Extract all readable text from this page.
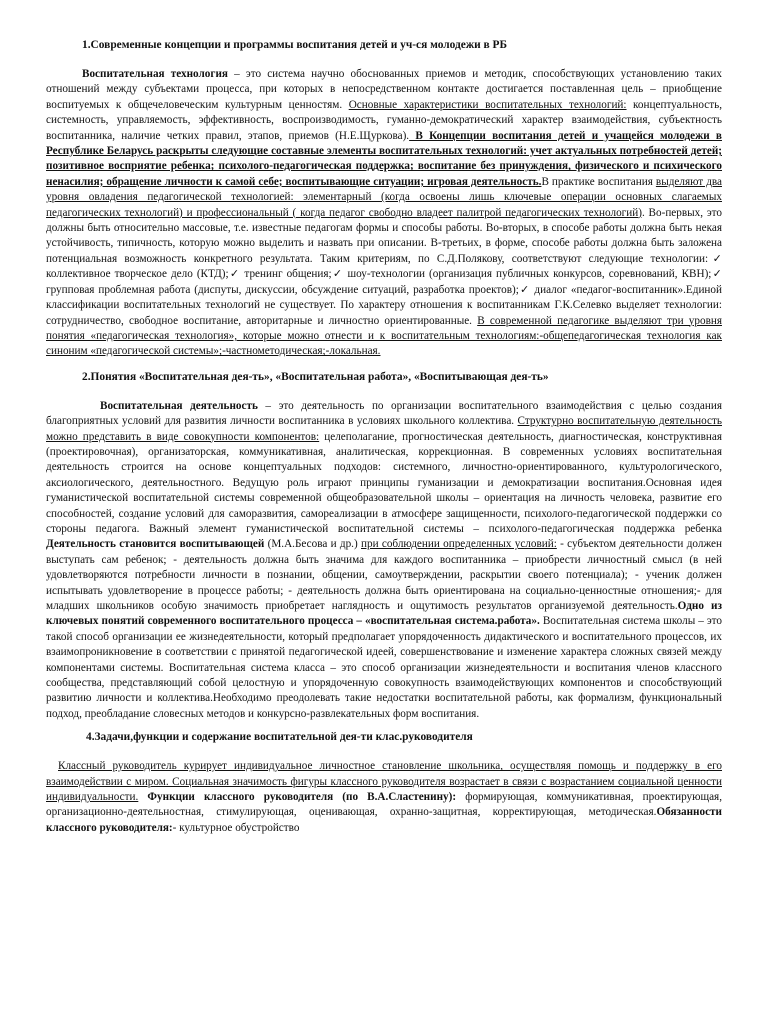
1.Современные концепции и программы воспитания детей и уч-ся молодежи в РБ

Воспитательная технология – это система научно обоснованных приемов и методик, способствующих установлению таких отношений между субъектами процесса, при которых в непосредственном контакте достигается поставленная цель – приобщение воспитуемых к общечеловеческим культурным ценностям. Основные характеристики воспитательных технологий: концептуальность, системность, управляемость, эффективность, воспроизводимость, гуманно-демократический характер взаимодействия, субъектность воспитанника, наличие четких правил, этапов, приемов (Н.Е.Щуркова). В Концепции воспитания детей и учащейся молодежи в Республике Беларусь раскрыты следующие составные элементы воспитательных технологий: учет актуальных потребностей детей; позитивное восприятие ребенка; психолого-педагогическая поддержка; воспитание без принуждения, физического и психического ненасилия; обращение личности к самой себе; воспитывающие ситуации; игровая деятельность.В практике воспитания выделяют два уровня овладения педагогической технологией: элементарный (когда освоены лишь ключевые операции основных слагаемых педагогических технологий) и профессиональный ( когда педагог свободно владеет палитрой педагогических технологий). Во-первых, это должны быть относительно массовые, т.е. известные педагогам формы и способы работы. Во-вторых, в способе работы должна быть некая устойчивость, типичность, которую можно выделить и назвать при описании. В-третьих, в форме, способе работы должна быть заложена потенциальная возможность конкретного результата. Таким критериям, по С.Д.Полякову, соответствуют следующие технологии:✓ коллективное творческое дело (КТД);✓ тренинг общения;✓ шоу-технологии (организация публичных конкурсов, соревнований, КВН);✓ групповая проблемная работа (диспуты, дискуссии, обсуждение ситуаций, разработка проектов);✓ диалог «педагог-воспитанник».Единой классификации воспитательных технологий не существует. По характеру отношения к воспитанникам Г.К.Селевко выделяет технологии: сотрудничество, свободное воспитание, авторитарные и личностно ориентированные. В современной педагогике выделяют три уровня понятия «педагогическая технология», которые можно отнести и к воспитательным технологиям:-общепедагогическая технология как синоним «педагогической системы»;-частнометодическая;-локальная.

2.Понятия «Воспитательная дея-ть», «Воспитательная работа», «Воспитывающая дея-ть»

Воспитательная деятельность – это деятельность по организации воспитательного взаимодействия с целью создания благоприятных условий для развития личности воспитанника в условиях школьного коллектива. Структурно воспитательную деятельность можно представить в виде совокупности компонентов: целеполагание, прогностическая деятельность, диагностическая, конструктивная (проектировочная), организаторская, коммуникативная, аналитическая, коррекционная. В современных условиях воспитательная деятельность строится на основе концептуальных подходов: системного, личностно-ориентированного, культурологического, аксиологического, деятельностного. Ведущую роль играют принципы гуманизации и демократизации воспитания.Основная идея гуманистической воспитательной системы современной общеобразовательной школы – ориентация на личность человека, развитие его способностей, создание условий для саморазвития, самореализации в атмосфере защищенности, психолого-педагогической поддержки со стороны педагога. Важный элемент гуманистической воспитательной системы – психолого-педагогическая поддержка ребенка Деятельность становится воспитывающей (М.А.Бесова и др.) при соблюдении определенных условий: - субъектом деятельности должен выступать сам ребенок; - деятельность должна быть значима для каждого воспитанника – приобрести личностный смысл (в ней удовлетворяются потребности личности в познании, общении, самоутверждении, раскрытии своего потенциала); - ученик должен испытывать удовлетворение в процессе работы; - деятельность должна быть ориентирована на социально-ценностные отношения;- для младших школьников особую значимость приобретает наглядность и ощутимость результатов организуемой деятельность.Одно из ключевых понятий современного воспитательного процесса – «воспитательная система.работа». Воспитательная система школы – это такой способ организации ее жизнедеятельности, который предполагает упорядоченность дидактического и воспитательного процессов, их взаимопроникновение в соответствии с принятой педагогической идеей, совершенствование и изменение характера сложных связей между компонентами системы. Воспитательная система класса – это способ организации жизнедеятельности и воспитания членов классного сообщества, представляющий собой целостную и упорядоченную совокупность взаимодействующих компонентов и способствующий развитию личности и коллектива.Необходимо преодолевать такие недостатки воспитательной работы, как формализм, функциональный подход, преобладание словесных методов и конкурсно-развлекательных форм воспитания.

4.Задачи,функции и содержание воспитательной дея-ти клас.руководителя

Классный руководитель курирует индивидуальное личностное становление школьника, осуществляя помощь и поддержку в его взаимодействии с миром. Социальная значимость фигуры классного руководителя возрастает в связи с возрастанием социальной ценности индивидуальности. Функции классного руководителя (по В.А.Сластенину): формирующая, коммуникативная, проектирующая, организационно-деятельностная, стимулирующая, оценивающая, охранно-защитная, корректирующая, методическая.Обязанности классного руководителя:- культурное обустройство
